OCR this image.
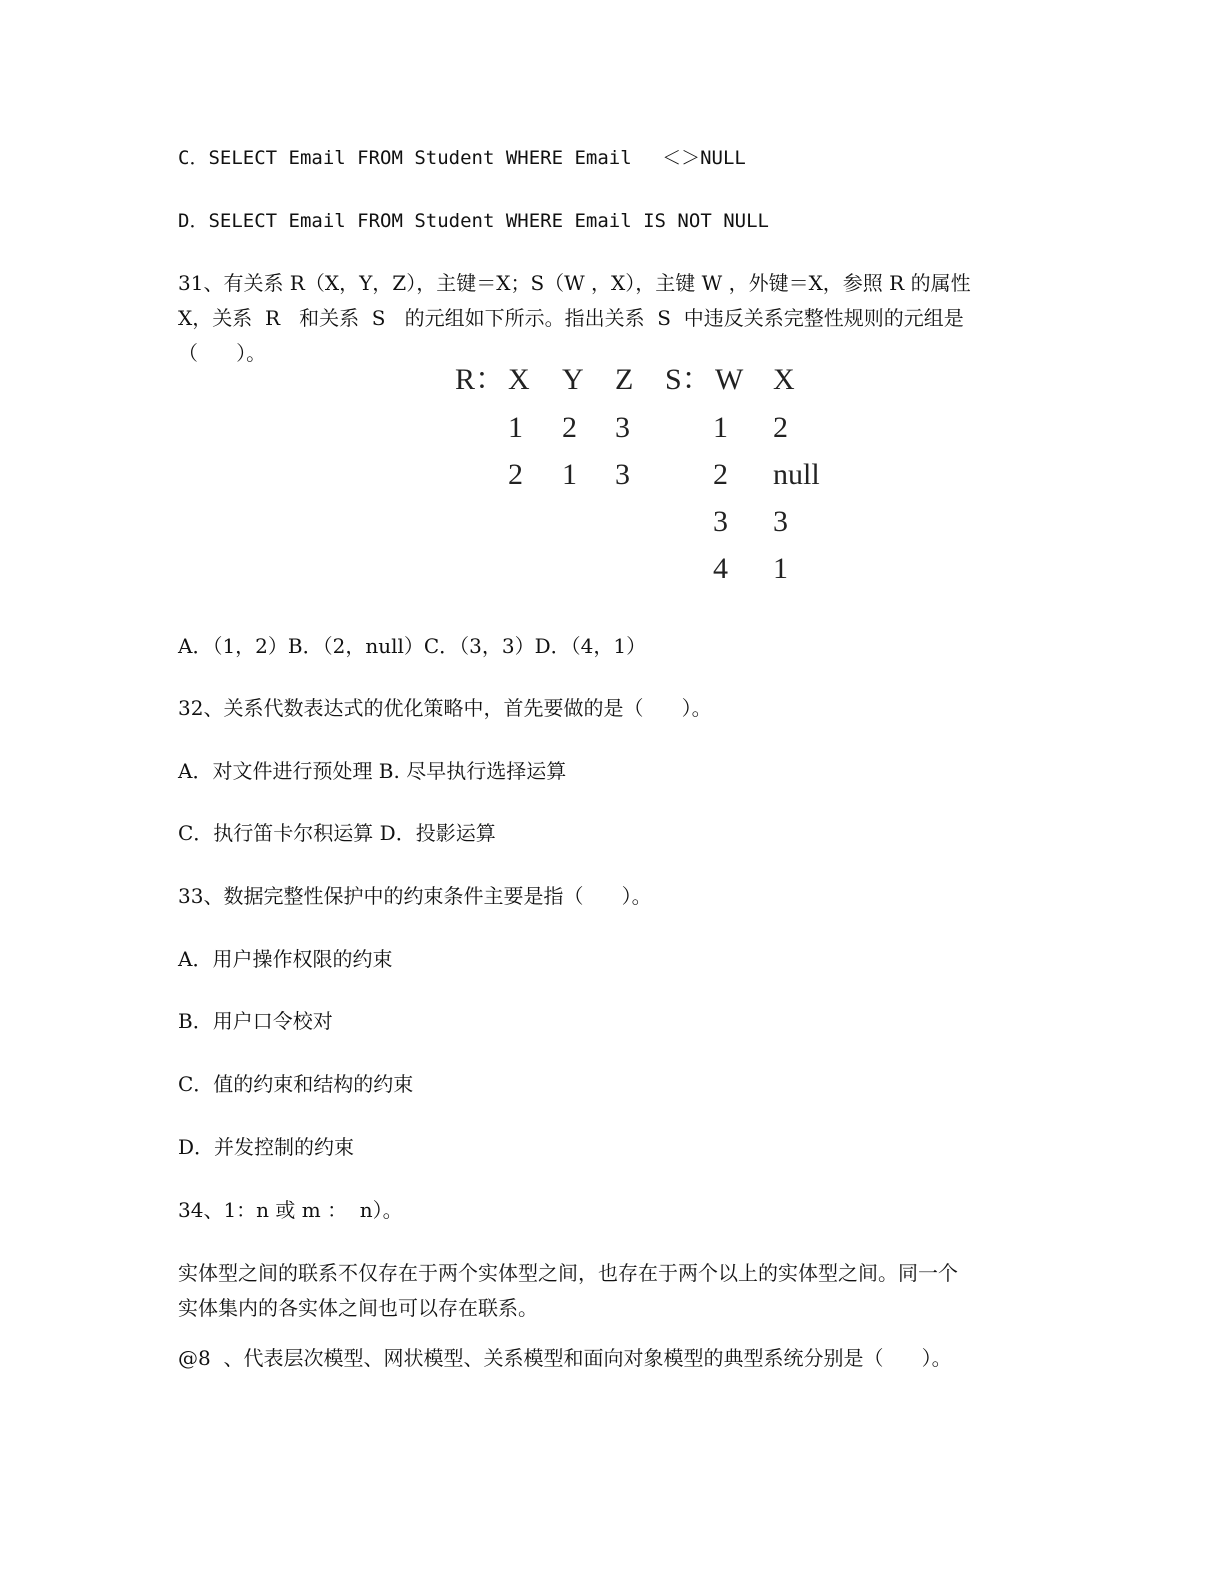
C．SELECT Email FROM Student WHERE Email　 ＜＞NULL
D．SELECT Email FROM Student WHERE Email IS NOT NULL
31、有关系 R（X，Y，Z），主键＝X；S（W ，X），主键 W ，外键＝X，参照 R 的属性
X，关系  R   和关系  S   的元组如下所示。指出关系  S  中违反关系完整性规则的元组是
（      ）。
R： X Y Z S： W X
1 2 3
2 1 3
1 2
2 null
3 3
4 1
A．（1，2）B．（2，null）C．（3，3）D．（4，1）
32、关系代数表达式的优化策略中，首先要做的是（      ）。
A．对文件进行预处理 B. 尽早执行选择运算
C．执行笛卡尔积运算 D．投影运算
33、数据完整性保护中的约束条件主要是指（      ）。
A．用户操作权限的约束
B．用户口令校对
C．值的约束和结构的约束
D．并发控制的约束
34、1：n 或 m ：  n）。
实体型之间的联系不仅存在于两个实体型之间，也存在于两个以上的实体型之间。同一个
实体集内的各实体之间也可以存在联系。
@8  、代表层次模型、网状模型、关系模型和面向对象模型的典型系统分别是（      ）。
